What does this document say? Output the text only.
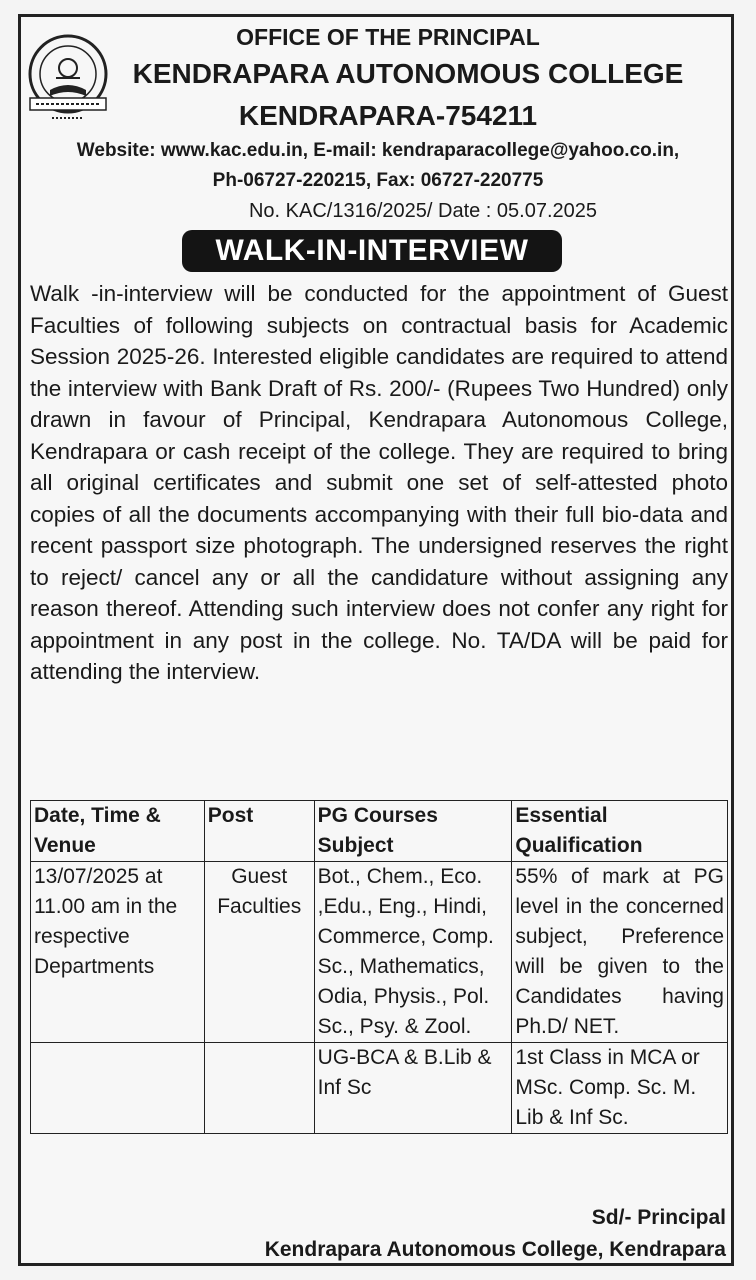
OFFICE OF THE PRINCIPAL
KENDRAPARA AUTONOMOUS COLLEGE
KENDRAPARA-754211
Website: www.kac.edu.in, E-mail: kendraparacollege@yahoo.co.in,
Ph-06727-220215, Fax: 06727-220775
No. KAC/1316/2025/ Date : 05.07.2025
WALK-IN-INTERVIEW
Walk -in-interview will be conducted for the appointment of Guest Faculties of following subjects on contractual basis for Academic Session 2025-26. Interested eligible candidates are required to attend the interview with Bank Draft of Rs. 200/- (Rupees Two Hundred) only drawn in favour of Principal, Kendrapara Autonomous College, Kendrapara or cash receipt of the college. They are required to bring all original certificates and submit one set of self-attested photo copies of all the documents accompanying with their full bio-data and recent passport size photograph. The undersigned reserves the right to reject/ cancel any or all the candidature without assigning any reason thereof. Attending such interview does not confer any right for appointment in any post in the college. No. TA/DA will be paid for attending the interview.
Date, Time & Venue	Post	PG Courses Subject	Essential Qualification
13/07/2025 at 11.00 am in the respective Departments	Guest Faculties	Bot., Chem., Eco. ,Edu., Eng., Hindi, Commerce, Comp. Sc., Mathematics, Odia, Physis., Pol. Sc., Psy. & Zool.	55% of mark at PG level in the concerned subject, Preference will be given to the Candidates having Ph.D/ NET.
		UG-BCA & B.Lib & Inf Sc	1st Class in MCA or MSc. Comp. Sc. M. Lib & Inf Sc.
Sd/- Principal
Kendrapara Autonomous College, Kendrapara
